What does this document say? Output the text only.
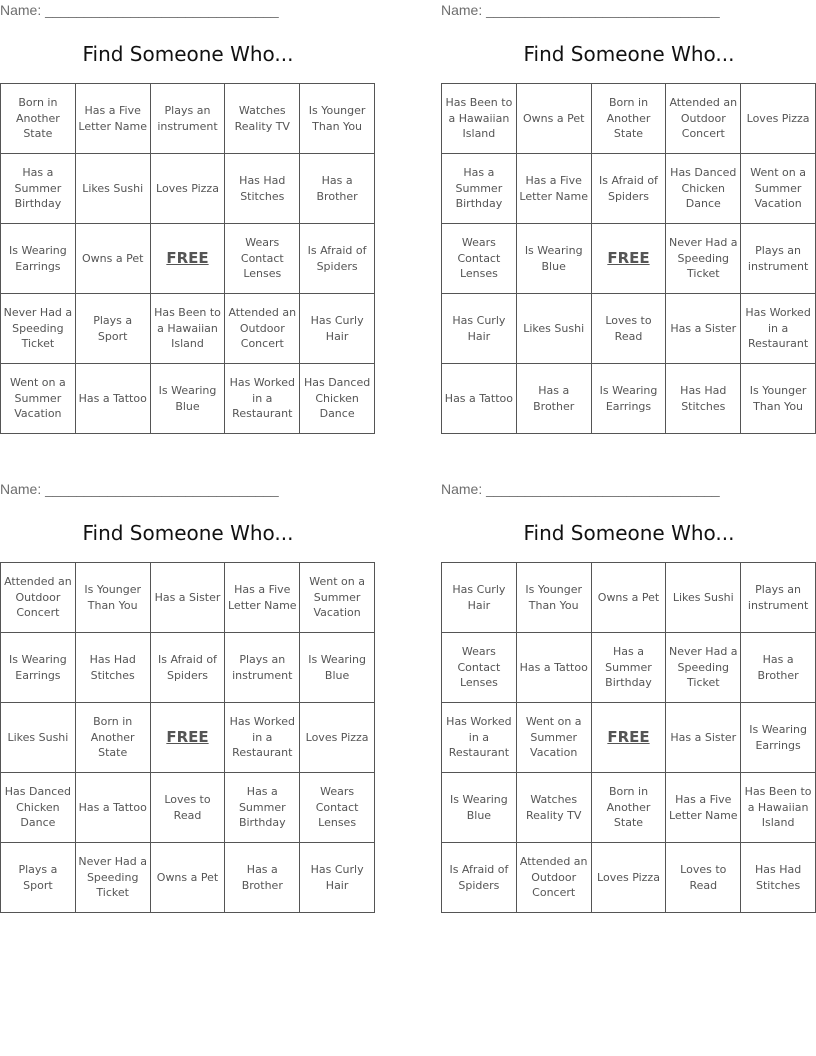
Name: ______________________________
Find Someone Who...
Born in Another State	Has a Five Letter Name	Plays an instrument	Watches Reality TV	Is Younger Than You
Has a Summer Birthday	Likes Sushi	Loves Pizza	Has Had Stitches	Has a Brother
Is Wearing Earrings	Owns a Pet	FREE	Wears Contact Lenses	Is Afraid of Spiders
Never Had a Speeding Ticket	Plays a Sport	Has Been to a Hawaiian Island	Attended an Outdoor Concert	Has Curly Hair
Went on a Summer Vacation	Has a Tattoo	Is Wearing Blue	Has Worked in a Restaurant	Has Danced Chicken Dance
Name: ______________________________
Find Someone Who...
Has Been to a Hawaiian Island	Owns a Pet	Born in Another State	Attended an Outdoor Concert	Loves Pizza
Has a Summer Birthday	Has a Five Letter Name	Is Afraid of Spiders	Has Danced Chicken Dance	Went on a Summer Vacation
Wears Contact Lenses	Is Wearing Blue	FREE	Never Had a Speeding Ticket	Plays an instrument
Has Curly Hair	Likes Sushi	Loves to Read	Has a Sister	Has Worked in a Restaurant
Has a Tattoo	Has a Brother	Is Wearing Earrings	Has Had Stitches	Is Younger Than You
Name: ______________________________
Find Someone Who...
Attended an Outdoor Concert	Is Younger Than You	Has a Sister	Has a Five Letter Name	Went on a Summer Vacation
Is Wearing Earrings	Has Had Stitches	Is Afraid of Spiders	Plays an instrument	Is Wearing Blue
Likes Sushi	Born in Another State	FREE	Has Worked in a Restaurant	Loves Pizza
Has Danced Chicken Dance	Has a Tattoo	Loves to Read	Has a Summer Birthday	Wears Contact Lenses
Plays a Sport	Never Had a Speeding Ticket	Owns a Pet	Has a Brother	Has Curly Hair
Name: ______________________________
Find Someone Who...
Has Curly Hair	Is Younger Than You	Owns a Pet	Likes Sushi	Plays an instrument
Wears Contact Lenses	Has a Tattoo	Has a Summer Birthday	Never Had a Speeding Ticket	Has a Brother
Has Worked in a Restaurant	Went on a Summer Vacation	FREE	Has a Sister	Is Wearing Earrings
Is Wearing Blue	Watches Reality TV	Born in Another State	Has a Five Letter Name	Has Been to a Hawaiian Island
Is Afraid of Spiders	Attended an Outdoor Concert	Loves Pizza	Loves to Read	Has Had Stitches
